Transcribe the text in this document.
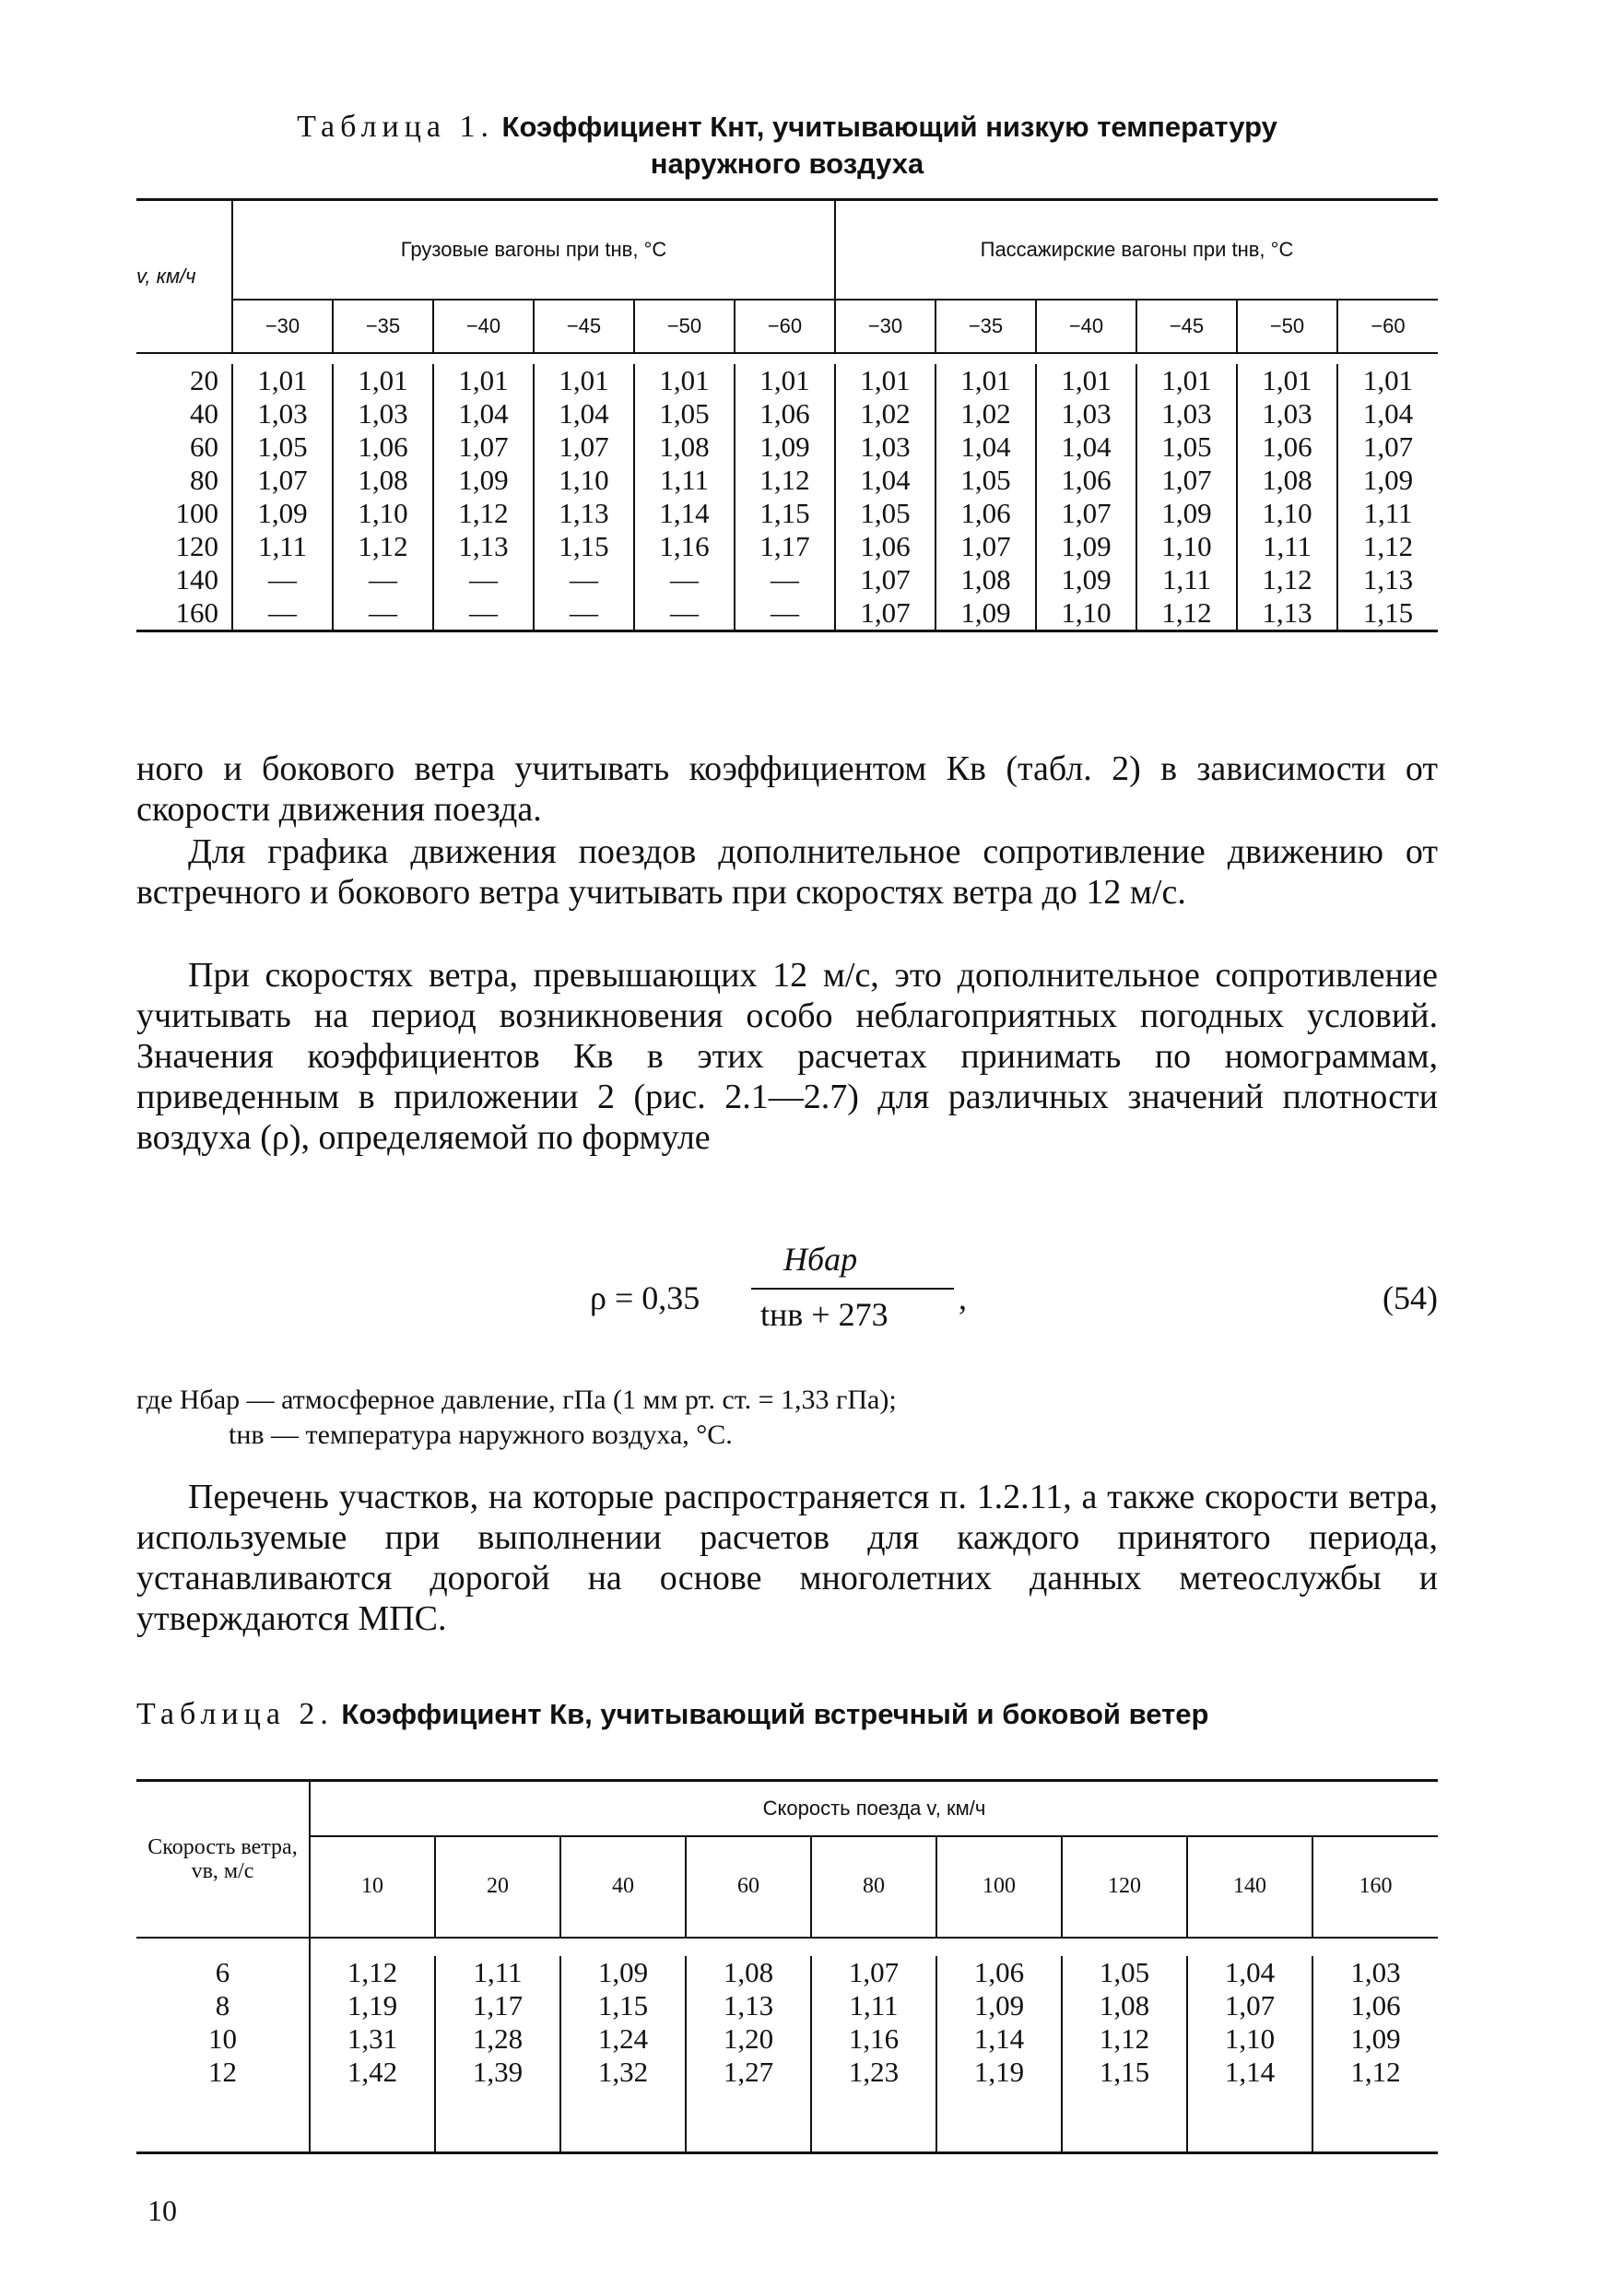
Таблица 1. Коэффициент Кнт, учитывающий низкую температуру
наружного воздуха
v, км/ч	Грузовые вагоны при tнв, °C						Пассажирские вагоны при tнв, °C					
	−30	−35	−40	−45	−50	−60	−30	−35	−40	−45	−50	−60

20	1,01	1,01	1,01	1,01	1,01	1,01	1,01	1,01	1,01	1,01	1,01	1,01
40	1,03	1,03	1,04	1,04	1,05	1,06	1,02	1,02	1,03	1,03	1,03	1,04
60	1,05	1,06	1,07	1,07	1,08	1,09	1,03	1,04	1,04	1,05	1,06	1,07
80	1,07	1,08	1,09	1,10	1,11	1,12	1,04	1,05	1,06	1,07	1,08	1,09
100	1,09	1,10	1,12	1,13	1,14	1,15	1,05	1,06	1,07	1,09	1,10	1,11
120	1,11	1,12	1,13	1,15	1,16	1,17	1,06	1,07	1,09	1,10	1,11	1,12
140	—	—	—	—	—	—	1,07	1,08	1,09	1,11	1,12	1,13
160	—	—	—	—	—	—	1,07	1,09	1,10	1,12	1,13	1,15
ного и бокового ветра учитывать коэффициентом Кв (табл. 2) в зависимости от скорости движения поезда.
Для графика движения поездов дополнительное сопротивление движению от встречного и бокового ветра учитывать при скоростях ветра до 12 м/с.
При скоростях ветра, превышающих 12 м/с, это дополнительное сопротивление учитывать на период возникновения особо неблагоприятных погодных условий. Значения коэффициентов Кв в этих расчетах принимать по номограммам, приведенным в приложении 2 (рис. 2.1—2.7) для различных значений плотности воздуха (ρ), определяемой по формуле
ρ = 0,35
Hбар
tнв + 273 ,	(54)
где Hбар — атмосферное давление, гПа (1 мм рт. ст. = 1,33 гПа);
tнв — температура наружного воздуха, °C.
Перечень участков, на которые распространяется п. 1.2.11, а также скорости ветра, используемые при выполнении расчетов для каждого принятого периода, устанавливаются дорогой на основе многолетних данных метеослужбы и утверждаются МПС.
Таблица 2. Коэффициент Кв, учитывающий встречный и боковой ветер
Скорость ветра, vв, м/с	Скорость поезда v, км/ч								
	10	20	40	60	80	100	120	140	160

6	1,12	1,11	1,09	1,08	1,07	1,06	1,05	1,04	1,03
8	1,19	1,17	1,15	1,13	1,11	1,09	1,08	1,07	1,06
10	1,31	1,28	1,24	1,20	1,16	1,14	1,12	1,10	1,09
12	1,42	1,39	1,32	1,27	1,23	1,19	1,15	1,14	1,12

10
